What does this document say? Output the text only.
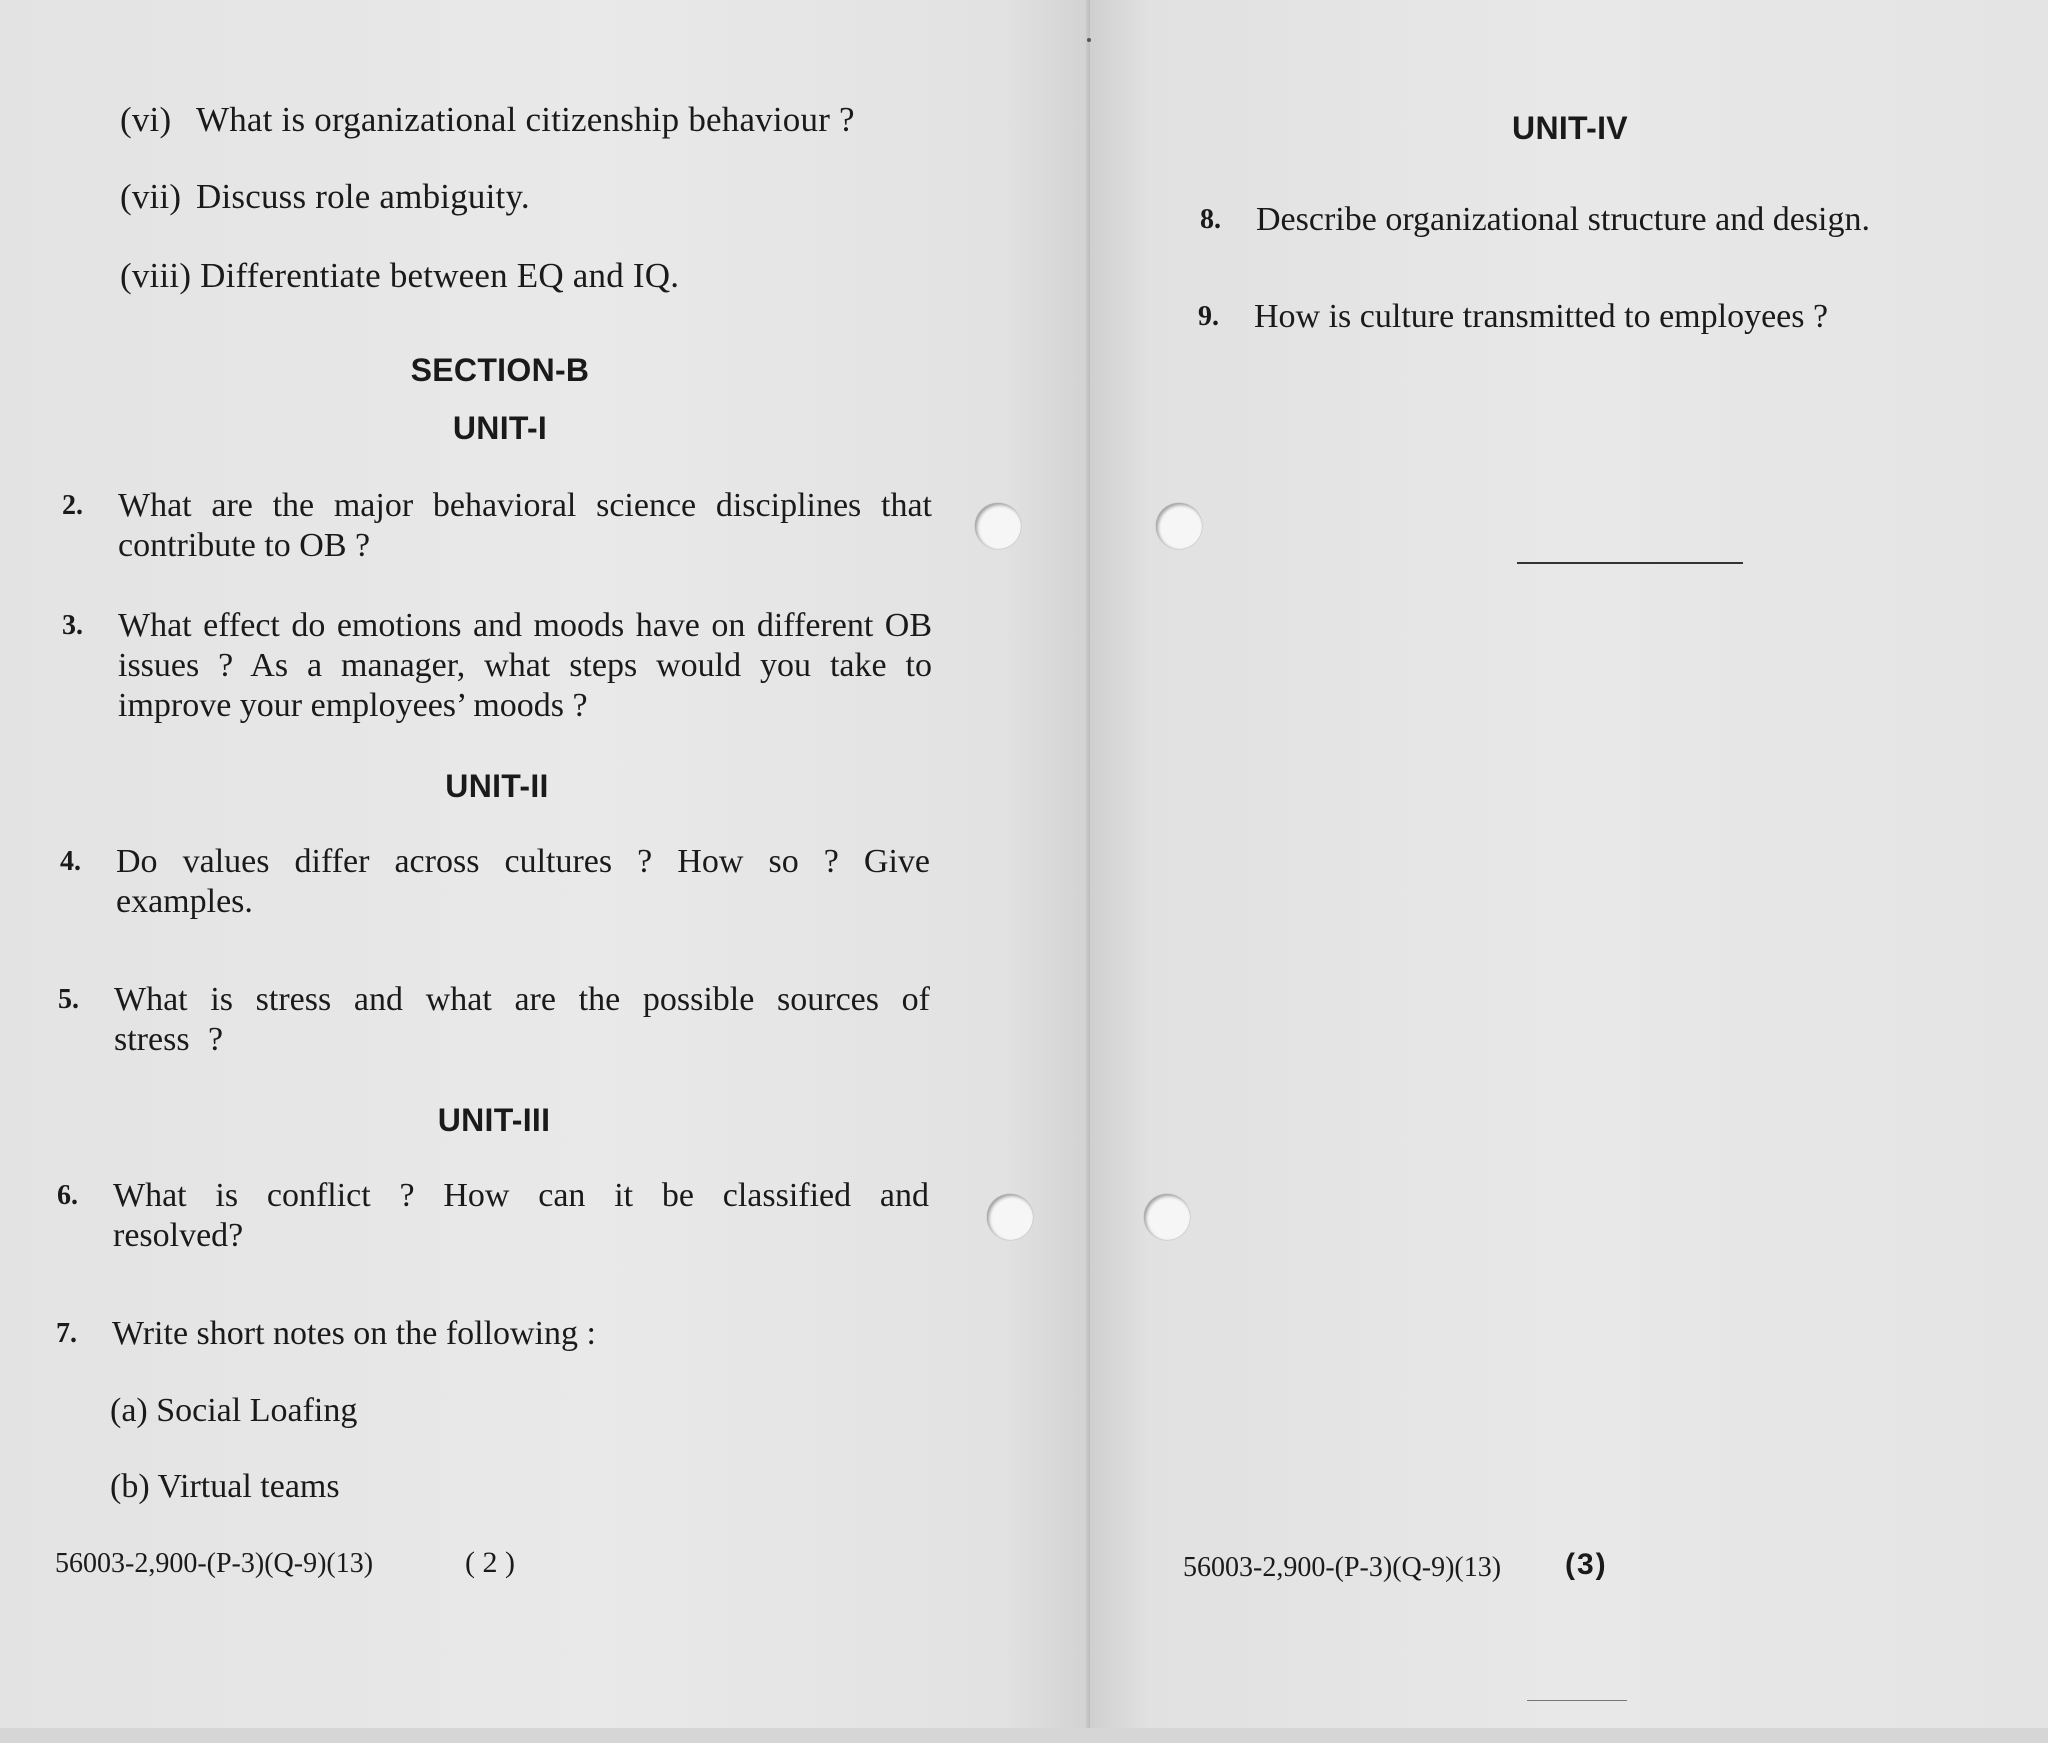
(vi) What is organizational citizenship behaviour ?
(vii) Discuss role ambiguity.
(viii) Differentiate between EQ and IQ.
SECTION-B
UNIT-I
2.	What are the major behavioral science disciplines that contribute to OB ?
3.	What effect do emotions and moods have on different OB issues ? As a manager, what steps would you take to improve your employees’ moods ?
UNIT-II
4.	Do values differ across cultures ? How so ? Give examples.
5.	What is stress and what are the possible sources of stress ?
UNIT-III
6.	What is conflict ? How can it be classified and resolved?
7.	Write short notes on the following :
(a) Social Loafing
(b) Virtual teams
56003-2,900-(P-3)(Q-9)(13)	( 2 )
UNIT-IV
8.	Describe organizational structure and design.
9.	How is culture transmitted to employees ?
56003-2,900-(P-3)(Q-9)(13) (3)
